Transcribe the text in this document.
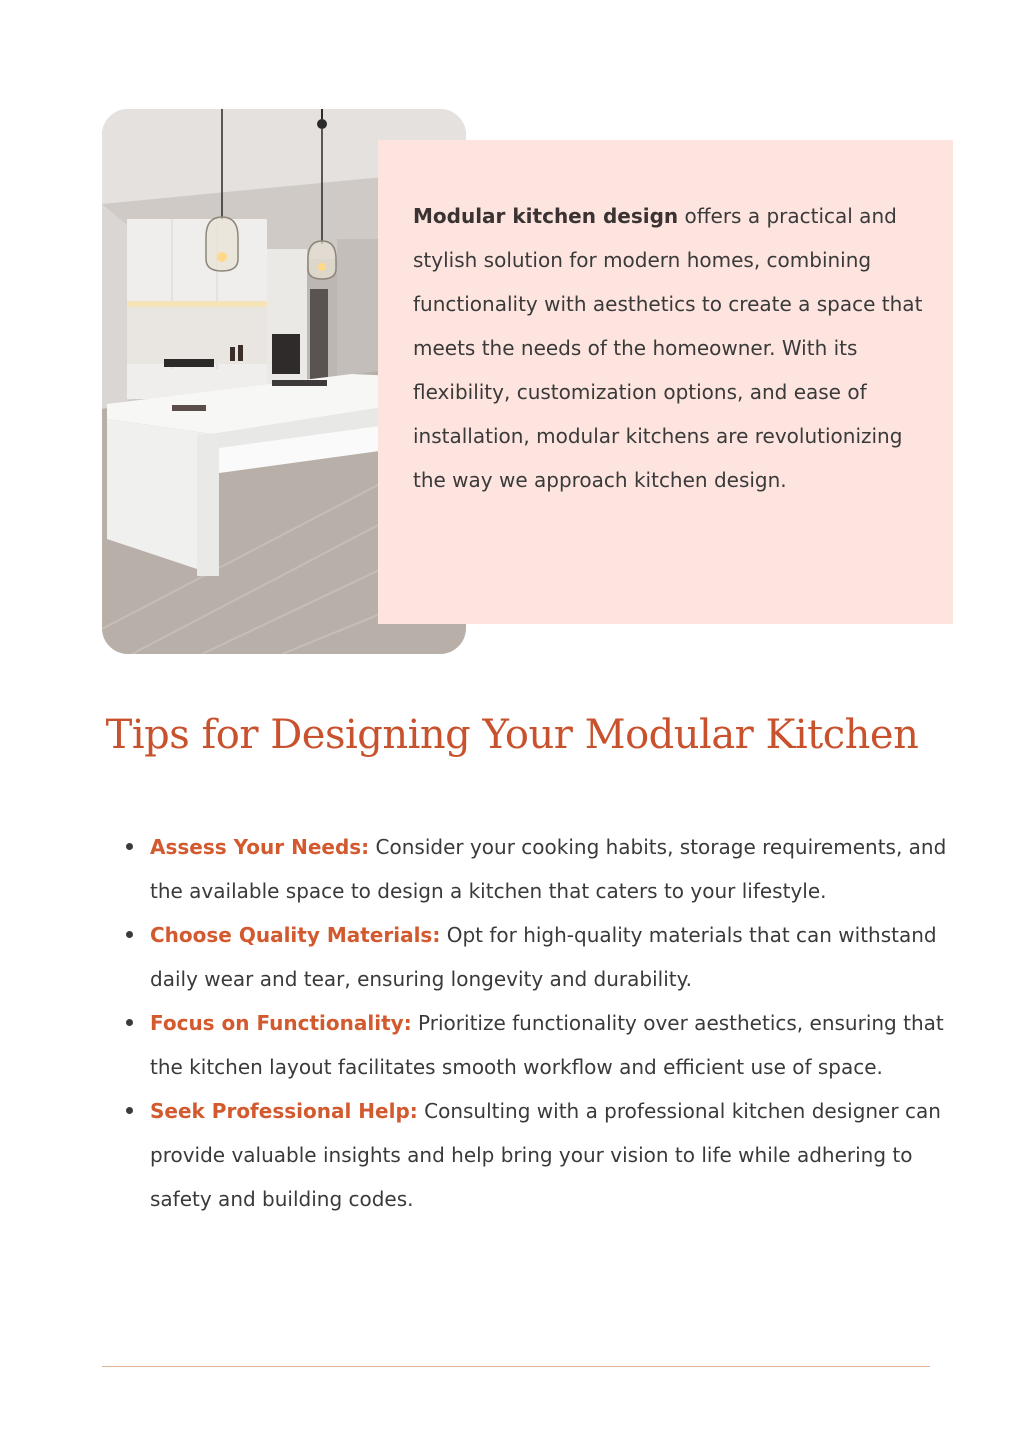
Modular kitchen design offers a practical and stylish solution for modern homes, combining functionality with aesthetics to create a space that meets the needs of the homeowner. With its flexibility, customization options, and ease of installation, modular kitchens are revolutionizing the way we approach kitchen design.

Tips for Designing Your Modular Kitchen
Assess Your Needs: Consider your cooking habits, storage requirements, and the available space to design a kitchen that caters to your lifestyle.
Choose Quality Materials: Opt for high-quality materials that can withstand daily wear and tear, ensuring longevity and durability.
Focus on Functionality: Prioritize functionality over aesthetics, ensuring that the kitchen layout facilitates smooth workflow and efficient use of space.
Seek Professional Help: Consulting with a professional kitchen designer can provide valuable insights and help bring your vision to life while adhering to safety and building codes.
